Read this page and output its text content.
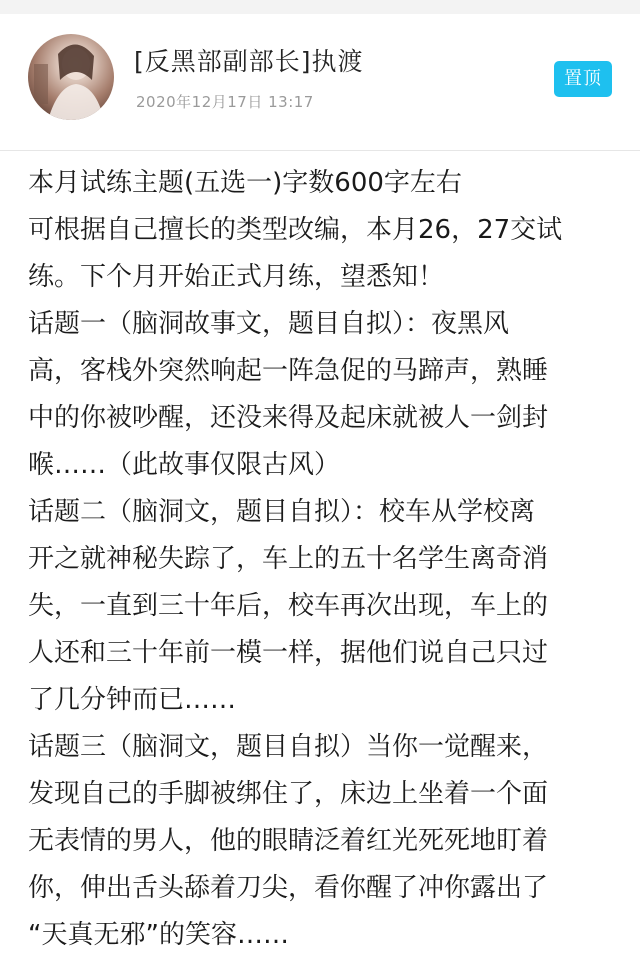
[反黑部副部长]执渡
2020年12月17日 13:17
置顶
本月试练主题(五选一)字数600字左右
可根据自己擅长的类型改编，本月26，27交试
练。下个月开始正式月练，望悉知！
话题一（脑洞故事文，题目自拟）：夜黑风
高，客栈外突然响起一阵急促的马蹄声，熟睡
中的你被吵醒，还没来得及起床就被人一剑封
喉……（此故事仅限古风）
话题二（脑洞文，题目自拟）：校车从学校离
开之就神秘失踪了，车上的五十名学生离奇消
失，一直到三十年后，校车再次出现，车上的
人还和三十年前一模一样，据他们说自己只过
了几分钟而已……
话题三（脑洞文，题目自拟）当你一觉醒来，
发现自己的手脚被绑住了，床边上坐着一个面
无表情的男人，他的眼睛泛着红光死死地盯着
你，伸出舌头舔着刀尖，看你醒了冲你露出了
“天真无邪”的笑容……
